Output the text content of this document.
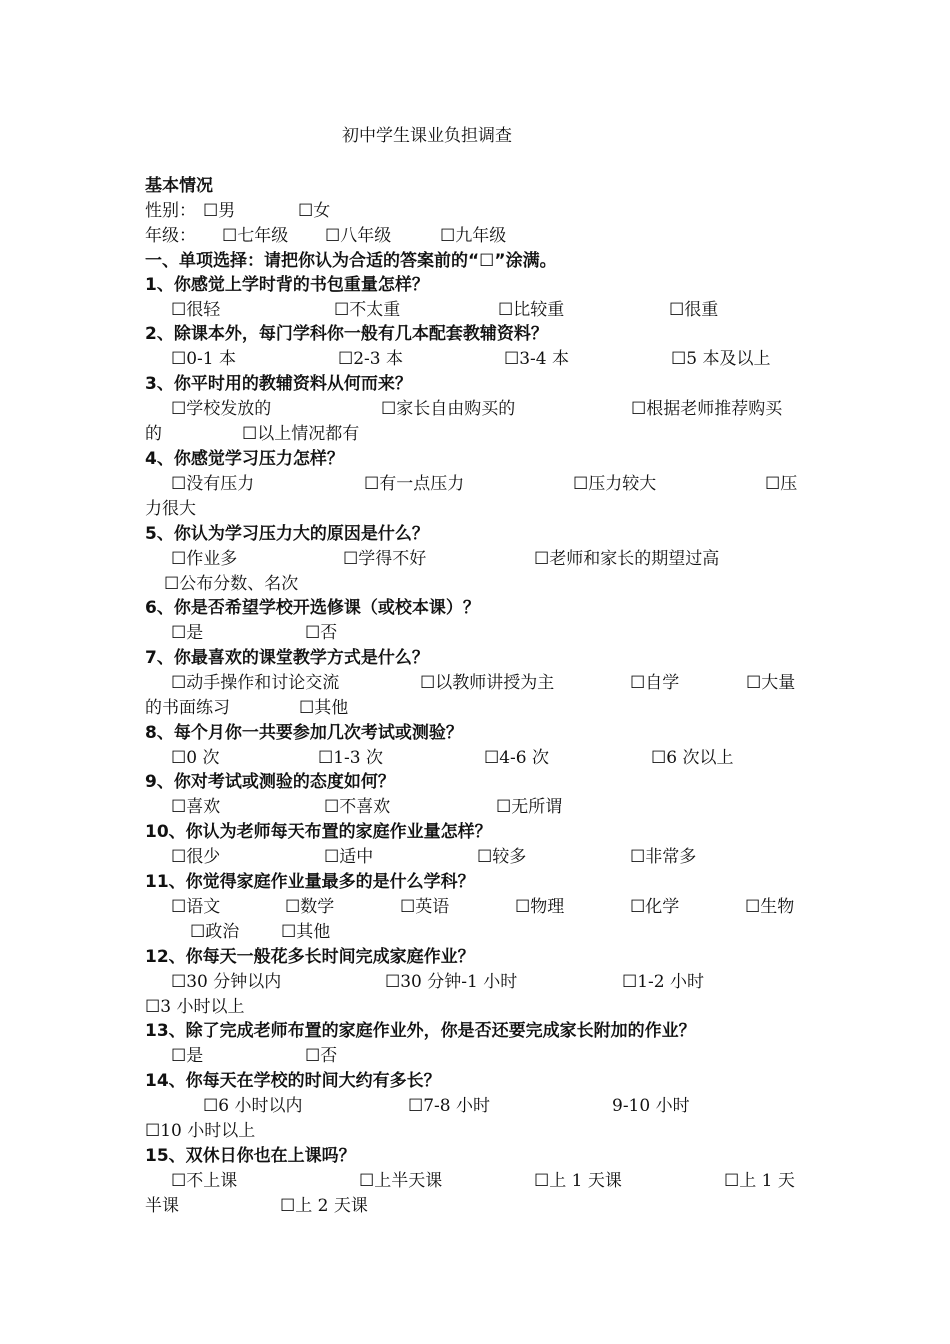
初中学生课业负担调查
基本情况
性别： ☐男	☐女
年级： ☐七年级 ☐八年级	☐九年级
一、单项选择：请把你认为合适的答案前的“☐”涂满。
1、你感觉上学时背的书包重量怎样？
☐很轻	☐不太重	☐比较重	☐很重
2、除课本外，每门学科你一般有几本配套教辅资料？
☐0-1 本	☐2-3 本	☐3-4 本	☐5 本及以上
3、你平时用的教辅资料从何而来？
☐学校发放的	☐家长自由购买的	☐根据老师推荐购买
的	☐以上情况都有
4、你感觉学习压力怎样？
☐没有压力	☐有一点压力	☐压力较大	☐压
力很大
5、你认为学习压力大的原因是什么？
☐作业多	☐学得不好	☐老师和家长的期望过高
☐公布分数、名次
6、你是否希望学校开选修课（或校本课）？
☐是	☐否
7、你最喜欢的课堂教学方式是什么？
☐动手操作和讨论交流	☐以教师讲授为主	☐自学	☐大量
的书面练习	☐其他
8、每个月你一共要参加几次考试或测验？
☐0 次	☐1-3 次	☐4-6 次	☐6 次以上
9、你对考试或测验的态度如何？
☐喜欢	☐不喜欢	☐无所谓
10、你认为老师每天布置的家庭作业量怎样？
☐很少	☐适中	☐较多	☐非常多
11、你觉得家庭作业量最多的是什么学科？
☐语文	☐数学	☐英语	☐物理	☐化学	☐生物
☐政治 ☐其他
12、你每天一般花多长时间完成家庭作业？
☐30 分钟以内	☐30 分钟-1 小时	☐1-2 小时
☐3 小时以上
13、除了完成老师布置的家庭作业外，你是否还要完成家长附加的作业？
☐是	☐否
14、你每天在学校的时间大约有多长？
☐6 小时以内	☐7-8 小时	9-10 小时
☐10 小时以上
15、双休日你也在上课吗？
☐不上课	☐上半天课	☐上 1 天课	☐上 1 天
半课	☐上 2 天课
